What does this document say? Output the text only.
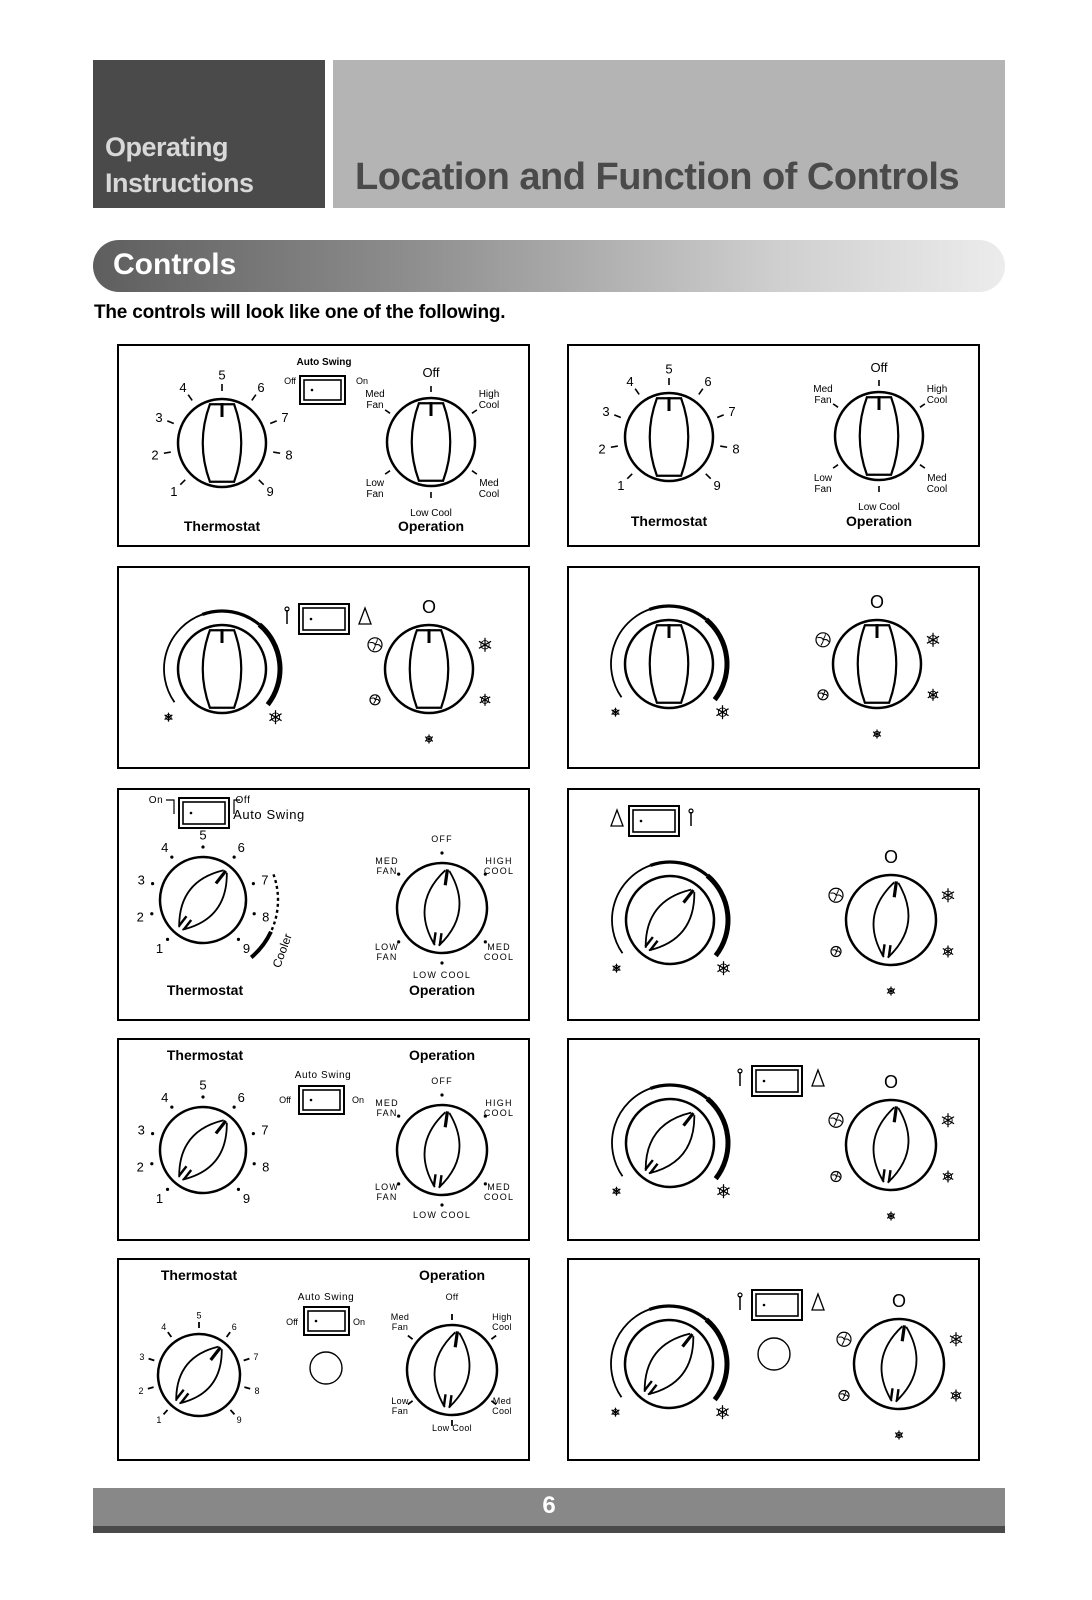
Operating
Instructions	Location and Function of Controls
Controls
The controls will look like one of the following.
1
2
3
4
5
6
7
8
9
Thermostat
Auto Swing
Off	On
Off
Med
Fan
High
Cool
Low
Fan
Med
Cool
Low Cool
Operation
1
2
3
4
5
6
7
8
9
Thermostat
Off
Med
Fan
High
Cool
Low
Fan
Med
Cool
Low Cool
Operation
O	O
On	Off
Auto Swing
1
2
3
4
5
6
7
8
9 Cooler
Thermostat
OFF
MED
FAN
HIGH
COOL
LOW
FAN
MED
COOL
LOW COOL
Operation
O
Thermostat	Operation
1
2
3
4
5
6
7
8
9
Auto Swing
Off	On
OFF
MED
FAN
HIGH
COOL
LOW
FAN
MED
COOL
LOW COOL
O
Thermostat	Operation
1
2
3
4
5
6
7
8
9
Auto Swing
Off	On
Off
Med
Fan
High
Cool
Low
Fan
Med
Cool
Low Cool
O
6
